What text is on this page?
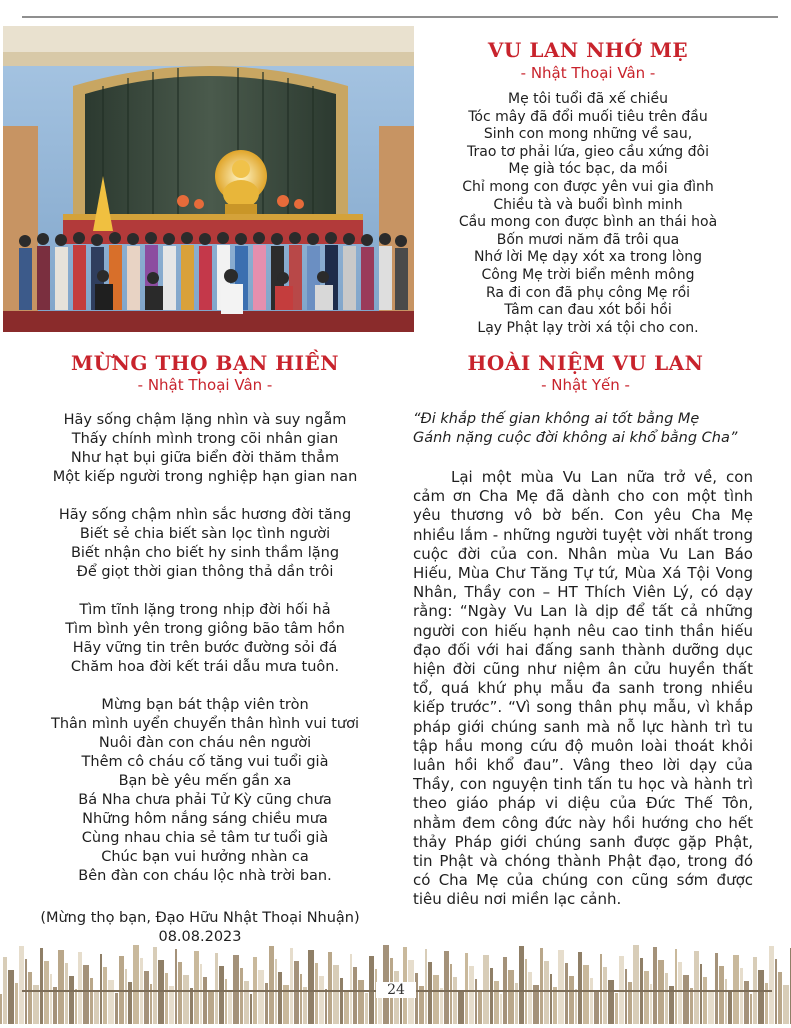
VU LAN NHỚ MẸ

- Nhật Thoại Vân -

Mẹ tôi tuổi đã xế chiều
Tóc mây đã đổi muối tiêu trên đầu
Sinh con mong những về sau,
Trao tơ phải lứa, gieo cầu xứng đôi
Mẹ già tóc bạc, da mồi
Chỉ mong con được yên vui gia đình
Chiều tà và buổi bình minh
Cầu mong con được bình an thái hoà
Bốn mươi năm đã trôi qua
Nhớ lời Mẹ dạy xót xa trong lòng
Công Mẹ trời biển mênh mông
Ra đi con đã phụ công Mẹ rồi
Tâm can đau xót bồi hồi
Lạy Phật lạy trời xá tội cho con.
MỪNG THỌ BẠN HIỀN

- Nhật Thoại Vân -

Hãy sống chậm lặng nhìn và suy ngẫm
Thấy chính mình trong cõi nhân gian
Như hạt bụi giữa biển đời thăm thẳm
Một kiếp người trong nghiệp hạn gian nan
Hãy sống chậm nhìn sắc hương đời tăng
Biết sẻ chia biết sàn lọc tình người
Biết nhận cho biết hy sinh thầm lặng
Để giọt thời gian thông thả dần trôi
Tìm tĩnh lặng trong nhịp đời hối hả
Tìm bình yên trong giông bão tâm hồn
Hãy vững tin trên bước đường sỏi đá
Chăm hoa đời kết trái dẫu mưa tuôn.
Mừng bạn bát thập viên tròn
Thân mình uyển chuyển thân hình vui tươi
Nuôi đàn con cháu nên người
Thêm cô cháu cố tăng vui tuổi già
Bạn bè yêu mến gần xa
Bá Nha chưa phải Tử Kỳ cũng chưa
Những hôm nắng sáng chiều mưa
Cùng nhau chia sẻ tâm tư tuổi già
Chúc bạn vui hưởng nhàn ca
Bên đàn con cháu lộc nhà trời ban.
(Mừng thọ bạn, Đạo Hữu Nhật Thoại Nhuận) 08.08.2023
HOÀI NIỆM VU LAN

- Nhật Yến -

“Đi khắp thế gian không ai tốt bằng Mẹ
Gánh nặng cuộc đời không ai khổ bằng Cha”

Lại một mùa Vu Lan nữa trở về, con cảm ơn Cha Mẹ đã dành cho con một tình yêu thương vô bờ bến. Con yêu Cha Mẹ nhiều lắm - những người tuyệt vời nhất trong cuộc đời của con. Nhân mùa Vu Lan Báo Hiếu, Mùa Chư Tăng Tự tứ, Mùa Xá Tội Vong Nhân, Thầy con – HT Thích Viên Lý, có dạy rằng: “Ngày Vu Lan là dịp để tất cả những người con hiếu hạnh nêu cao tinh thần hiếu đạo đối với hai đấng sanh thành dưỡng dục hiện đời cũng như niệm ân cửu huyền thất tổ, quá khứ phụ mẫu đa sanh trong nhiều kiếp trước”. “Vì song thân phụ mẫu, vì khắp pháp giới chúng sanh mà nỗ lực hành trì tu tập hầu mong cứu độ muôn loài thoát khỏi luân hồi khổ đau”. Vâng theo lời dạy của Thầy, con nguyện tinh tấn tu học và hành trì theo giáo pháp vi diệu của Đức Thế Tôn, nhằm đem công đức này hồi hướng cho hết thảy Pháp giới chúng sanh được gặp Phật, tin Phật và chóng thành Phật đạo, trong đó có Cha Mẹ của chúng con cũng sớm được tiêu diêu nơi miền lạc cảnh.

24
